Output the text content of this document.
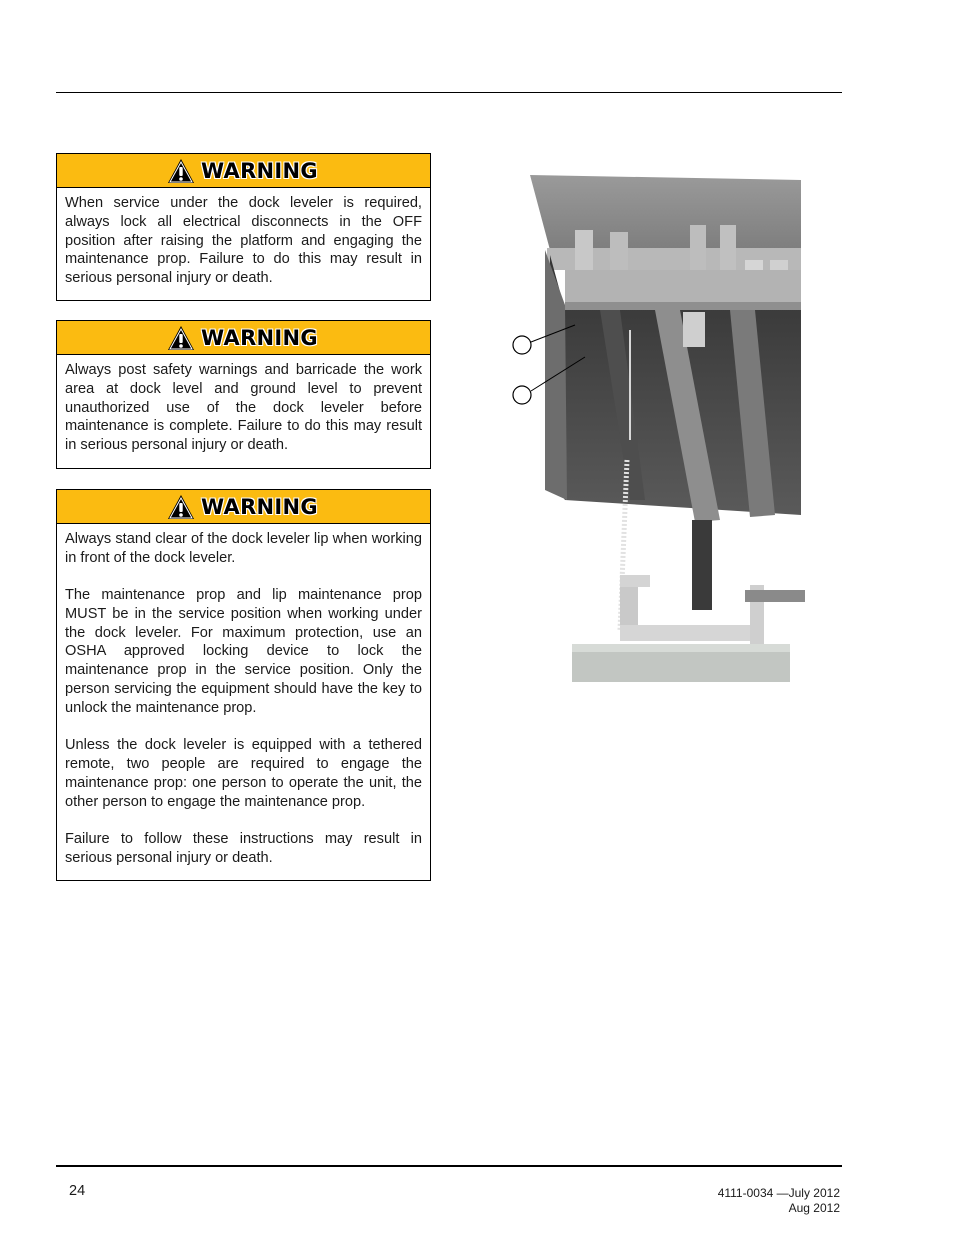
WARNING

When service under the dock leveler is required, always lock all electrical disconnects in the OFF position after raising the platform and engaging the maintenance prop. Failure to do this may result in serious personal injury or death.

WARNING

Always post safety warnings and barricade the work area at dock level and ground level to prevent unauthorized use of the dock leveler before maintenance is complete. Failure to do this may result in serious personal injury or death.

WARNING

Always stand clear of the dock leveler lip when working in front of the dock leveler.

The maintenance prop and lip maintenance prop MUST be in the service position when working under the dock leveler. For maximum protection, use an OSHA approved locking device to lock the maintenance prop in the service position. Only the person servicing the equipment should have the key to unlock the maintenance prop.

Unless the dock leveler is equipped with a tethered remote, two people are required to engage the maintenance prop: one person to operate the unit, the other person to engage the maintenance prop.

Failure to follow these instructions may result in serious personal injury or death.

24	4111-0034 —July 2012
Aug 2012
